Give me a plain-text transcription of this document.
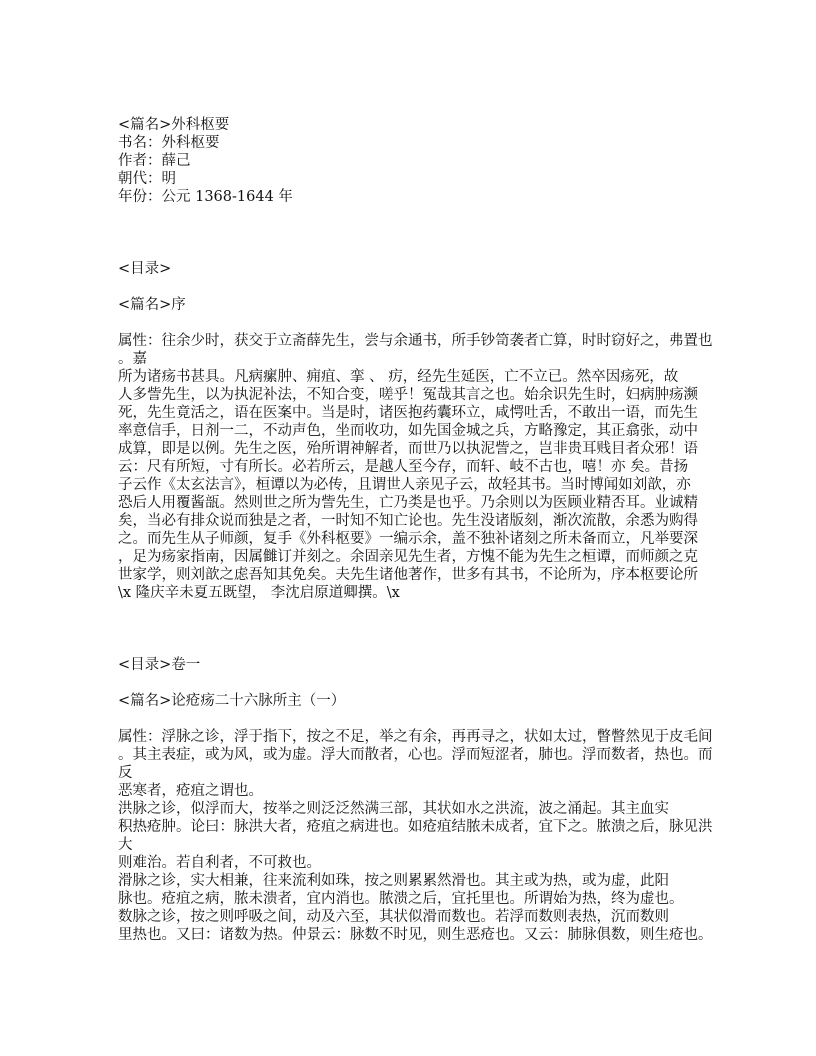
<篇名>外科枢要
书名：外科枢要
作者：薛己
朝代：明
年份：公元 1368-1644 年
<目录>
<篇名>序
属性：往余少时，获交于立斋薛先生，尝与余通书，所手钞笥袭者亡算，时时窃好之，弗置也
。嘉
所为诸疡书甚具。凡病瘰肿、痈疽、挛 、 疠，经先生延医，亡不立已。然卒因疡死，故
人多訾先生，以为执泥补法，不知合变，嗟乎！冤哉其言之也。始余识先生时，妇病肿疡濒
死，先生竟活之，语在医案中。当是时，诸医抱药囊环立，咸愕吐舌，不敢出一语，而先生
率意信手，日剂一二，不动声色，坐而收功，如先国金城之兵，方略豫定，其正翕张，动中
成算，即是以例。先生之医，殆所谓神解者，而世乃以执泥訾之，岂非贵耳贱目者众邪！语
云：尺有所短，寸有所长。必若所云，是越人至今存，而轩、岐不古也，嘻！亦 矣。昔扬
子云作《太玄法言》，桓谭以为必传，且谓世人亲见子云，故轻其书。当时博闻如刘歆，亦
恐后人用覆酱瓿。然则世之所为訾先生，亡乃类是也乎。乃余则以为医顾业精否耳。业诚精
矣，当必有排众说而独是之者，一时知不知亡论也。先生没诸版刻，渐次流散，余悉为购得
之。而先生从子师颜，复手《外科枢要》一编示余，盖不独补诸刻之所未备而立，凡举要深
，足为疡家指南，因属雠订并刻之。余固亲见先生者，方愧不能为先生之桓谭，而师颜之克
世家学，则刘歆之虑吾知其免矣。夫先生诸他著作，世多有其书，不论所为，序本枢要论所
\x 隆庆辛未夏五既望， 李沈启原道卿撰。\x
<目录>卷一
<篇名>论疮疡二十六脉所主（一）
属性：浮脉之诊，浮于指下，按之不足，举之有余，再再寻之，状如太过，瞥瞥然见于皮毛间
。其主表症，或为风，或为虚。浮大而散者，心也。浮而短涩者，肺也。浮而数者，热也。而
反
恶寒者，疮疽之谓也。
洪脉之诊，似浮而大，按举之则泛泛然满三部，其状如水之洪流，波之涌起。其主血实
积热疮肿。论曰：脉洪大者，疮疽之病进也。如疮疽结脓未成者，宜下之。脓溃之后，脉见洪
大
则难治。若自利者，不可救也。
滑脉之诊，实大相兼，往来流利如珠，按之则累累然滑也。其主或为热，或为虚，此阳
脉也。疮疽之病，脓未溃者，宜内消也。脓溃之后，宜托里也。所谓始为热，终为虚也。
数脉之诊，按之则呼吸之间，动及六至，其状似滑而数也。若浮而数则表热，沉而数则
里热也。又曰：诸数为热。仲景云：脉数不时见，则生恶疮也。又云：肺脉俱数，则生疮也。
